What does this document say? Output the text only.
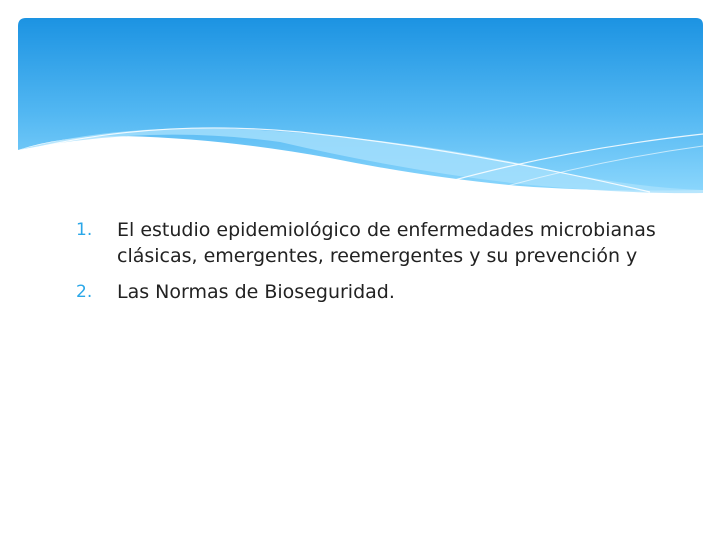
1.	El estudio epidemiológico de enfermedades microbianas clásicas, emergentes, reemergentes y su prevención y
2.	Las Normas de Bioseguridad.
